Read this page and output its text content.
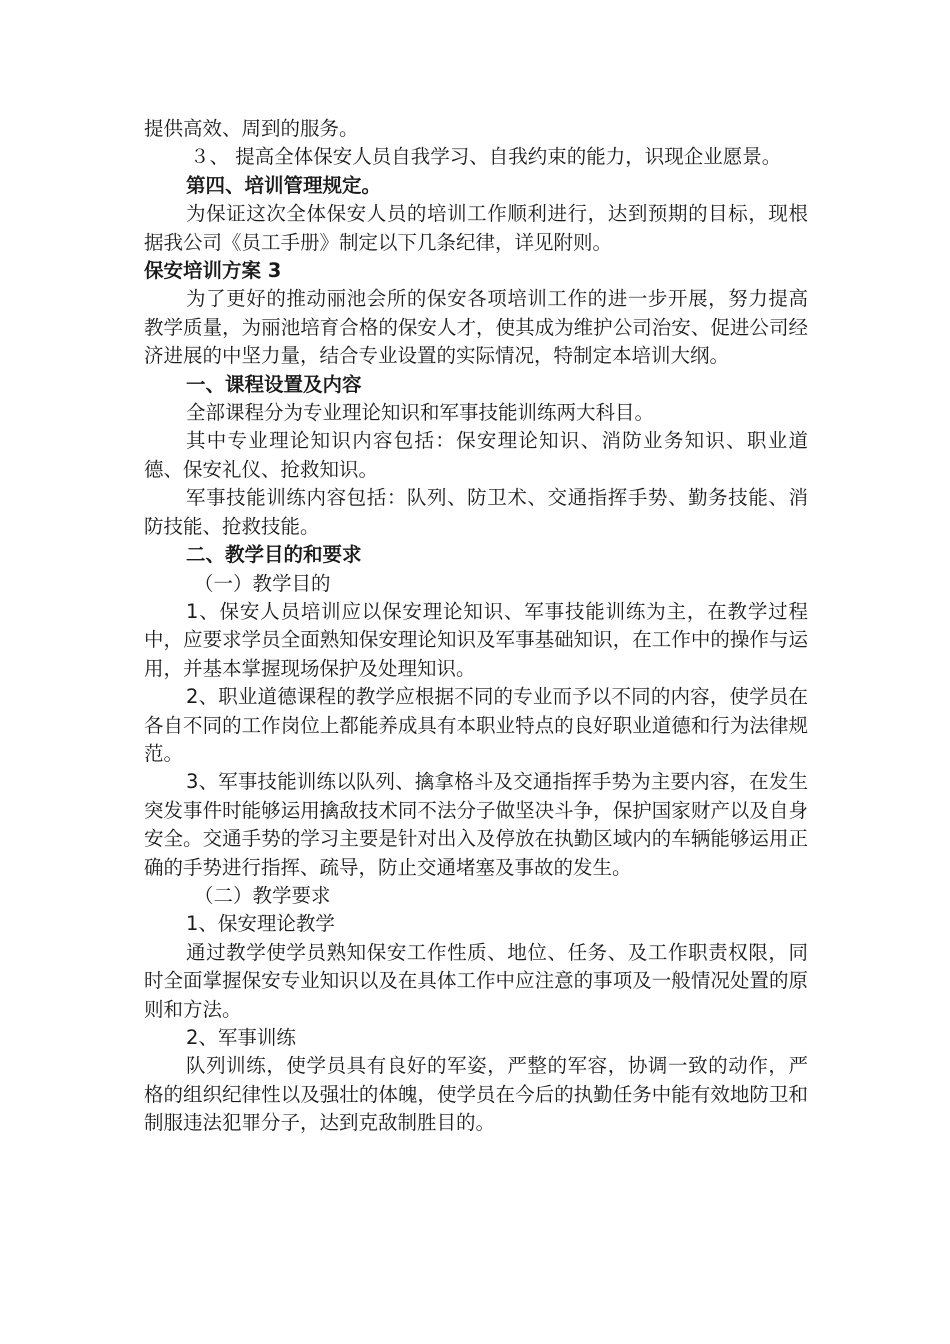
提供高效、周到的服务。

３、 提高全体保安人员自我学习、自我约束的能力，识现企业愿景。

第四、培训管理规定。

为保证这次全体保安人员的培训工作顺利进行，达到预期的目标，现根据我公司《员工手册》制定以下几条纪律，详见附则。

保安培训方案 3

为了更好的推动丽池会所的保安各项培训工作的进一步开展，努力提高教学质量，为丽池培育合格的保安人才，使其成为维护公司治安、促进公司经济进展的中坚力量，结合专业设置的实际情况，特制定本培训大纲。

一、课程设置及内容

全部课程分为专业理论知识和军事技能训练两大科目。

其中专业理论知识内容包括：保安理论知识、消防业务知识、职业道德、保安礼仪、抢救知识。

军事技能训练内容包括：队列、防卫术、交通指挥手势、勤务技能、消防技能、抢救技能。

二、教学目的和要求

（一）教学目的

1、保安人员培训应以保安理论知识、军事技能训练为主，在教学过程中，应要求学员全面熟知保安理论知识及军事基础知识，在工作中的操作与运用，并基本掌握现场保护及处理知识。

2、职业道德课程的教学应根据不同的专业而予以不同的内容，使学员在各自不同的工作岗位上都能养成具有本职业特点的良好职业道德和行为法律规范。

3、军事技能训练以队列、擒拿格斗及交通指挥手势为主要内容，在发生突发事件时能够运用擒敌技术同不法分子做坚决斗争，保护国家财产以及自身安全。交通手势的学习主要是针对出入及停放在执勤区域内的车辆能够运用正确的手势进行指挥、疏导，防止交通堵塞及事故的发生。

（二）教学要求

1、保安理论教学

通过教学使学员熟知保安工作性质、地位、任务、及工作职责权限，同时全面掌握保安专业知识以及在具体工作中应注意的事项及一般情况处置的原则和方法。

2、军事训练

队列训练，使学员具有良好的军姿，严整的军容，协调一致的动作，严格的组织纪律性以及强壮的体魄，使学员在今后的执勤任务中能有效地防卫和制服违法犯罪分子，达到克敌制胜目的。
